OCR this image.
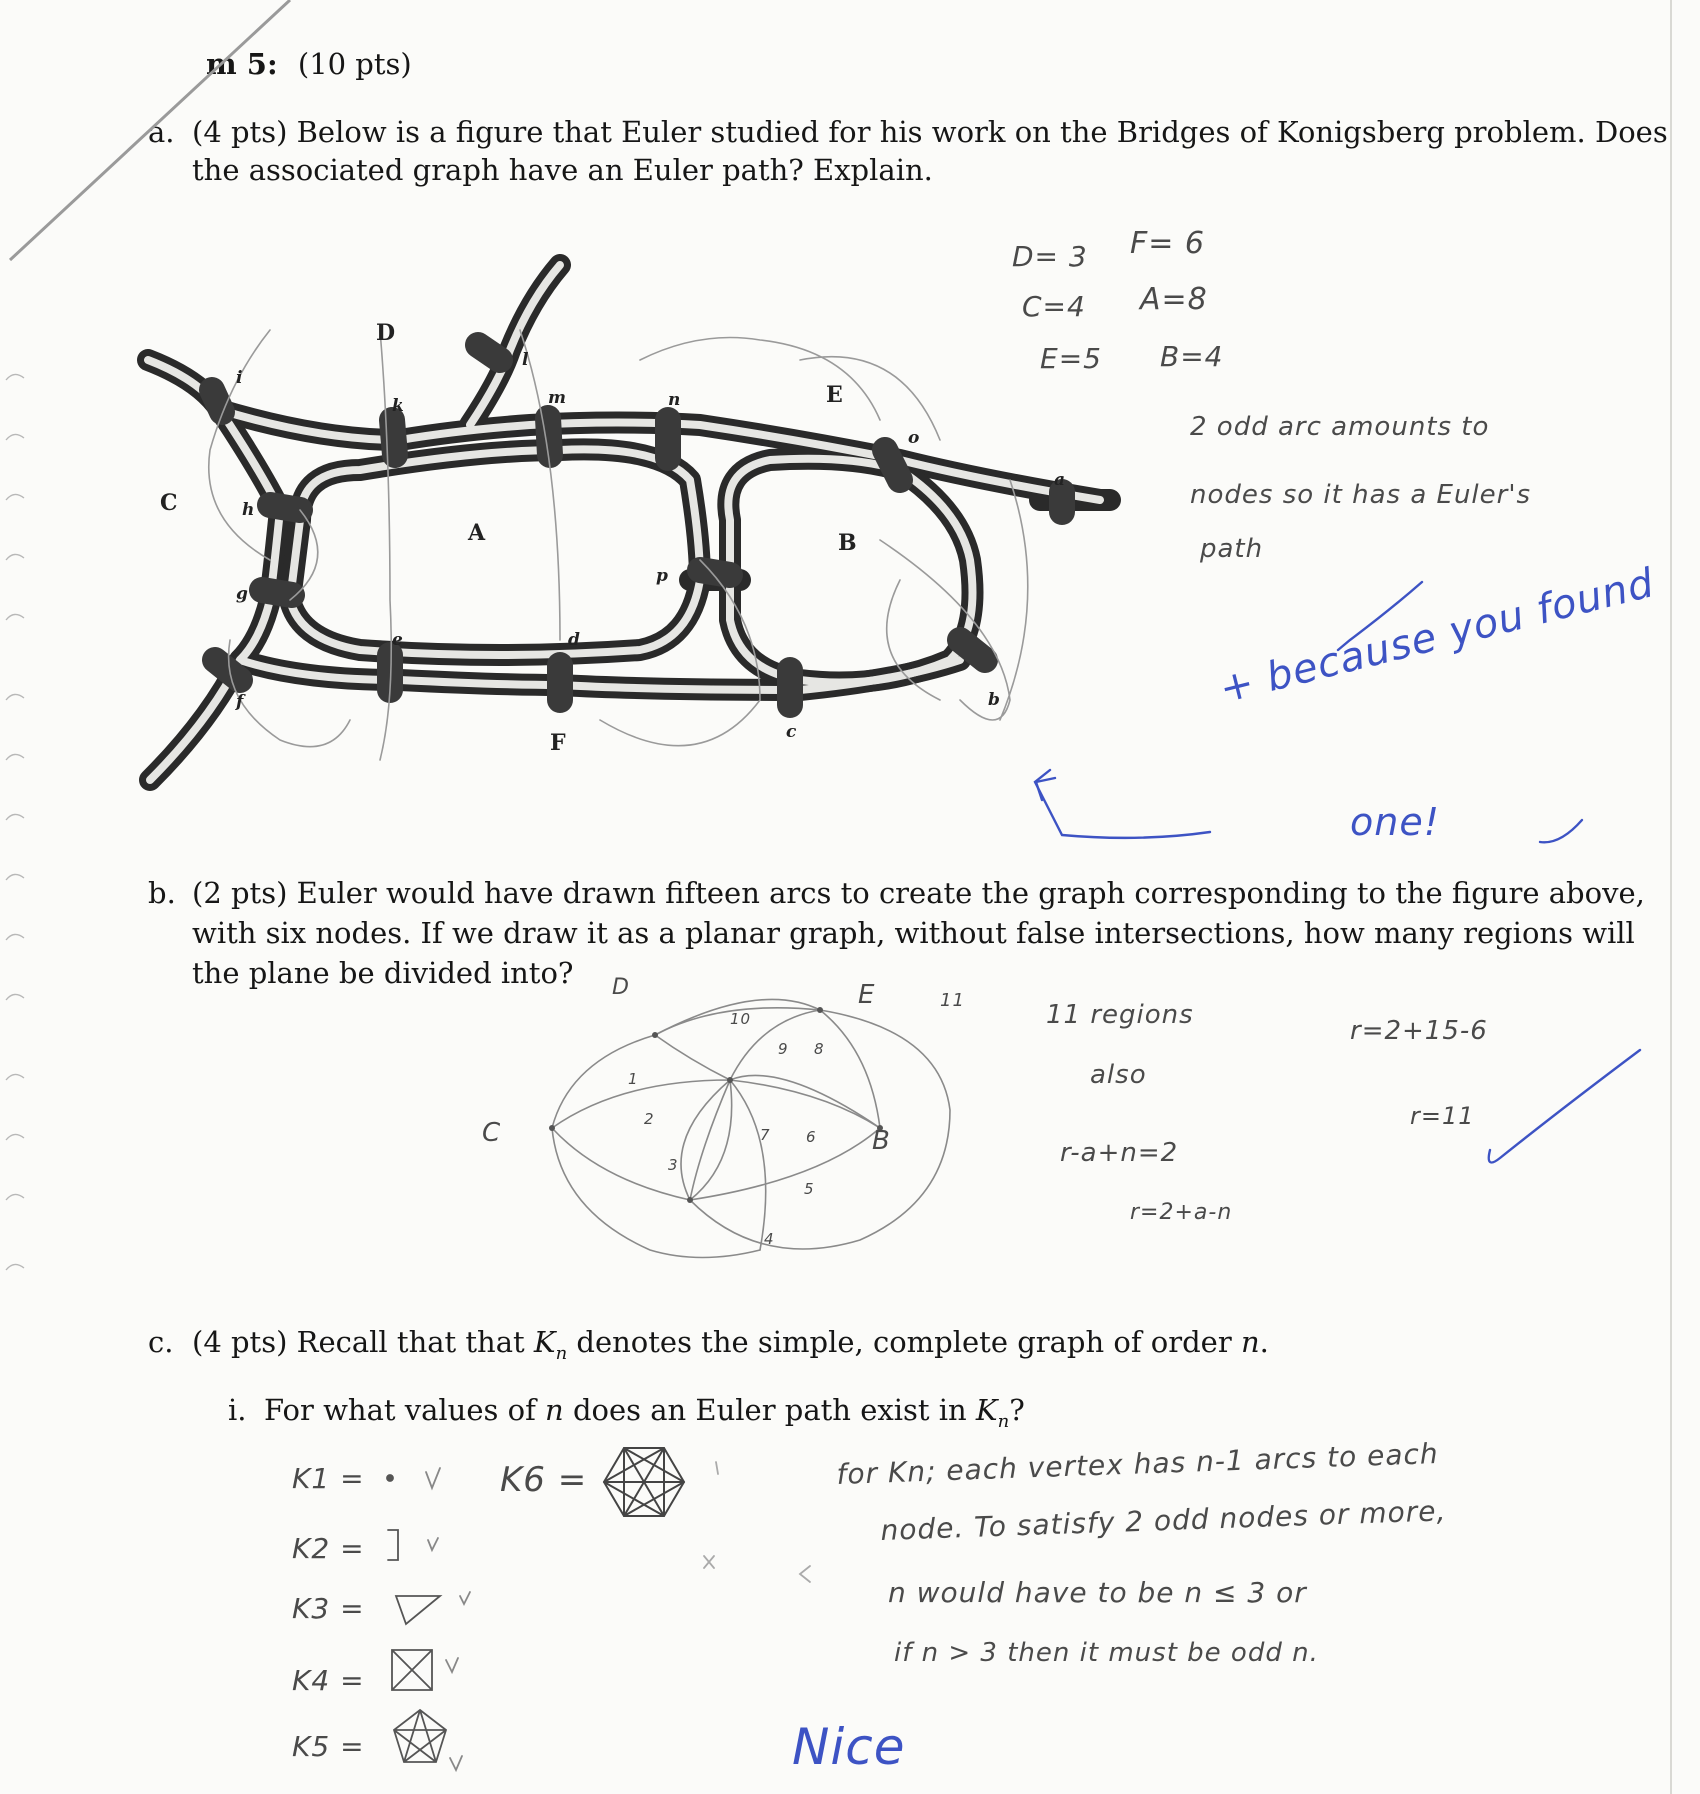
m 5: (10 pts)
a. (4 pts) Below is a figure that Euler studied for his work on the Bridges of Konigsberg problem. Does
the associated graph have an Euler path? Explain.
D
E
C
A	B
F
a
b
c
d
e
f
g
h
i
k
l
m	n
o
p
D= 3 F= 6
C=4 A=8
E=5 B=4
2 odd arc amounts to
nodes so it has a Euler's
path
+ because you found
one!
b. (2 pts) Euler would have drawn fifteen arcs to create the graph corresponding to the figure above,
with six nodes. If we draw it as a planar graph, without false intersections, how many regions will
the plane be divided into? D	E
C	B
11
10
9 8
1
2
3
4
5
6
7
11 regions
also
r-a+n=2
r=2+a-n
r=2+15-6
r=11
c. (4 pts) Recall that that $K_n$ denotes the simple, complete graph of order n.
i. For what values of n does an Euler path exist in $K_n$?
K1 =
K2 =
K3 =
K4 =
K5 =
K6 =	for Kn; each vertex has n-1 arcs to each
node. To satisfy 2 odd nodes or more,
n would have to be n ≤ 3 or
if n > 3 then it must be odd n.
Nice
